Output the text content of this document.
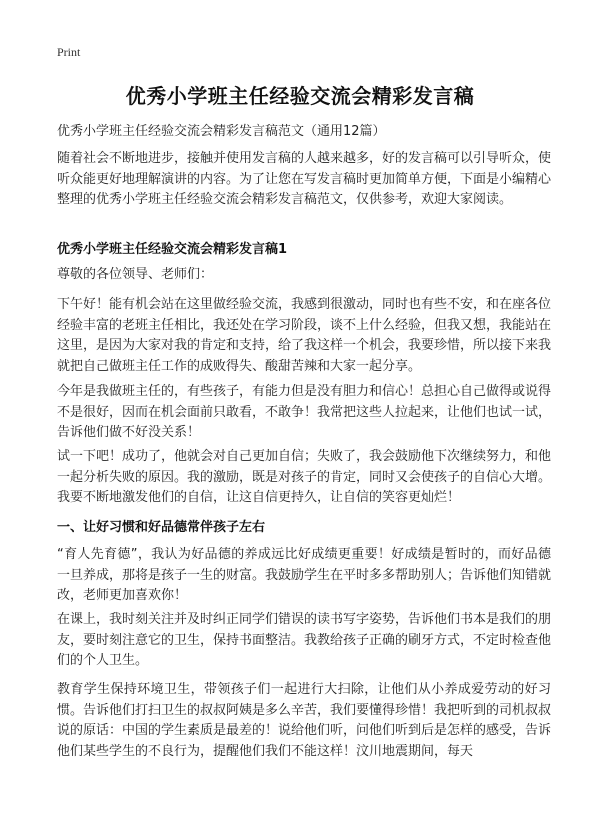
Print
优秀小学班主任经验交流会精彩发言稿
优秀小学班主任经验交流会精彩发言稿范文（通用12篇）

随着社会不断地进步，接触并使用发言稿的人越来越多，好的发言稿可以引导听众，使听众能更好地理解演讲的内容。为了让您在写发言稿时更加简单方便，下面是小编精心整理的优秀小学班主任经验交流会精彩发言稿范文，仅供参考，欢迎大家阅读。

优秀小学班主任经验交流会精彩发言稿1

尊敬的各位领导、老师们：

下午好！能有机会站在这里做经验交流，我感到很激动，同时也有些不安，和在座各位经验丰富的老班主任相比，我还处在学习阶段，谈不上什么经验，但我又想，我能站在这里，是因为大家对我的肯定和支持，给了我这样一个机会，我要珍惜，所以接下来我就把自己做班主任工作的成败得失、酸甜苦辣和大家一起分享。

今年是我做班主任的，有些孩子，有能力但是没有胆力和信心！总担心自己做得或说得不是很好，因而在机会面前只敢看，不敢争！我常把这些人拉起来，让他们也试一试，告诉他们做不好没关系！

试一下吧！成功了，他就会对自己更加自信；失败了，我会鼓励他下次继续努力，和他一起分析失败的原因。我的激励，既是对孩子的肯定，同时又会使孩子的自信心大增。我要不断地激发他们的自信，让这自信更持久，让自信的笑容更灿烂！

一、让好习惯和好品德常伴孩子左右

“育人先育德”，我认为好品德的养成远比好成绩更重要！好成绩是暂时的，而好品德一旦养成，那将是孩子一生的财富。我鼓励学生在平时多多帮助别人；告诉他们知错就改，老师更加喜欢你！

在课上，我时刻关注并及时纠正同学们错误的读书写字姿势，告诉他们书本是我们的朋友，要时刻注意它的卫生，保持书面整洁。我教给孩子正确的刷牙方式，不定时检查他们的个人卫生。

教育学生保持环境卫生，带领孩子们一起进行大扫除，让他们从小养成爱劳动的好习惯。告诉他们打扫卫生的叔叔阿姨是多么辛苦，我们要懂得珍惜！我把听到的司机叔叔说的原话：中国的学生素质是最差的！说给他们听，问他们听到后是怎样的感受，告诉他们某些学生的不良行为，提醒他们我们不能这样！汶川地震期间，每天
